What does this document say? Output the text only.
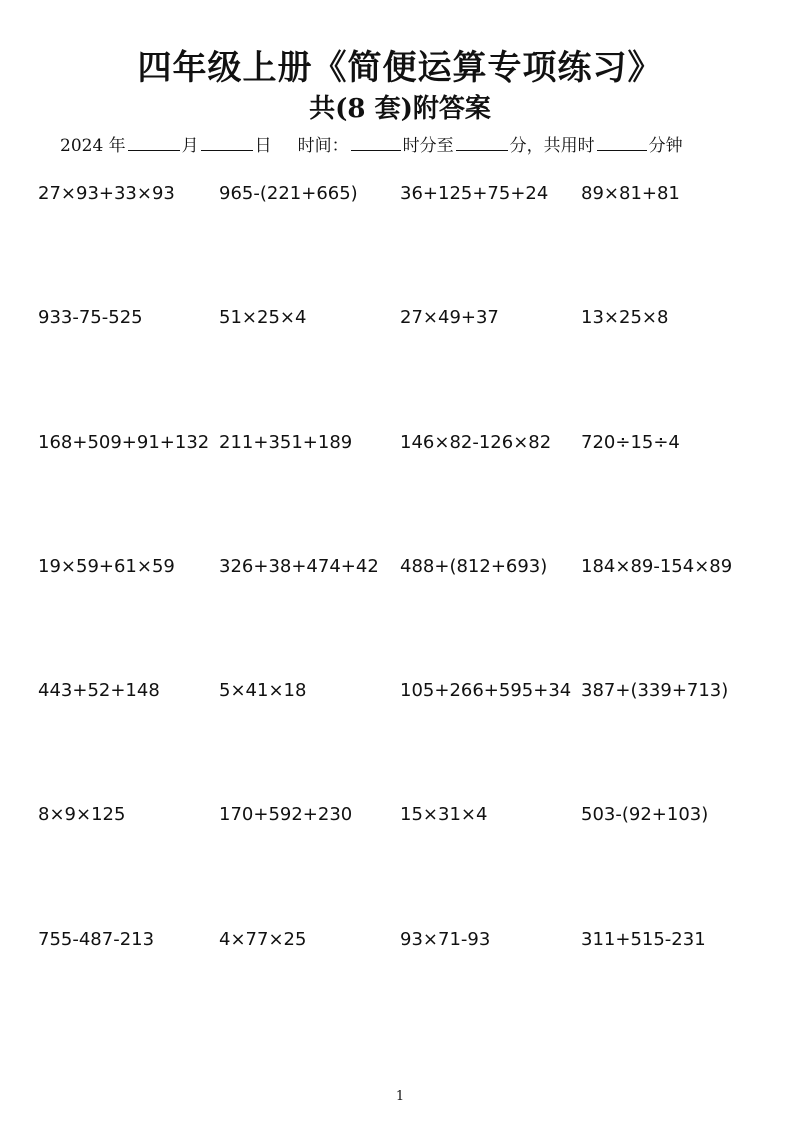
四年级上册《简便运算专项练习》
共(8 套)附答案
2024 年	月	日 时间：	时分至	分，共用时	分钟
27×93+33×93	965-(221+665)	36+125+75+24	89×81+81
933-75-525	51×25×4	27×49+37	13×25×8
168+509+91+132 211+351+189	146×82-126×82	720÷15÷4
19×59+61×59	326+38+474+42	488+(812+693)	184×89-154×89
443+52+148	5×41×18	105+266+595+34 387+(339+713)
8×9×125	170+592+230	15×31×4	503-(92+103)
755-487-213	4×77×25	93×71-93	311+515-231
1
